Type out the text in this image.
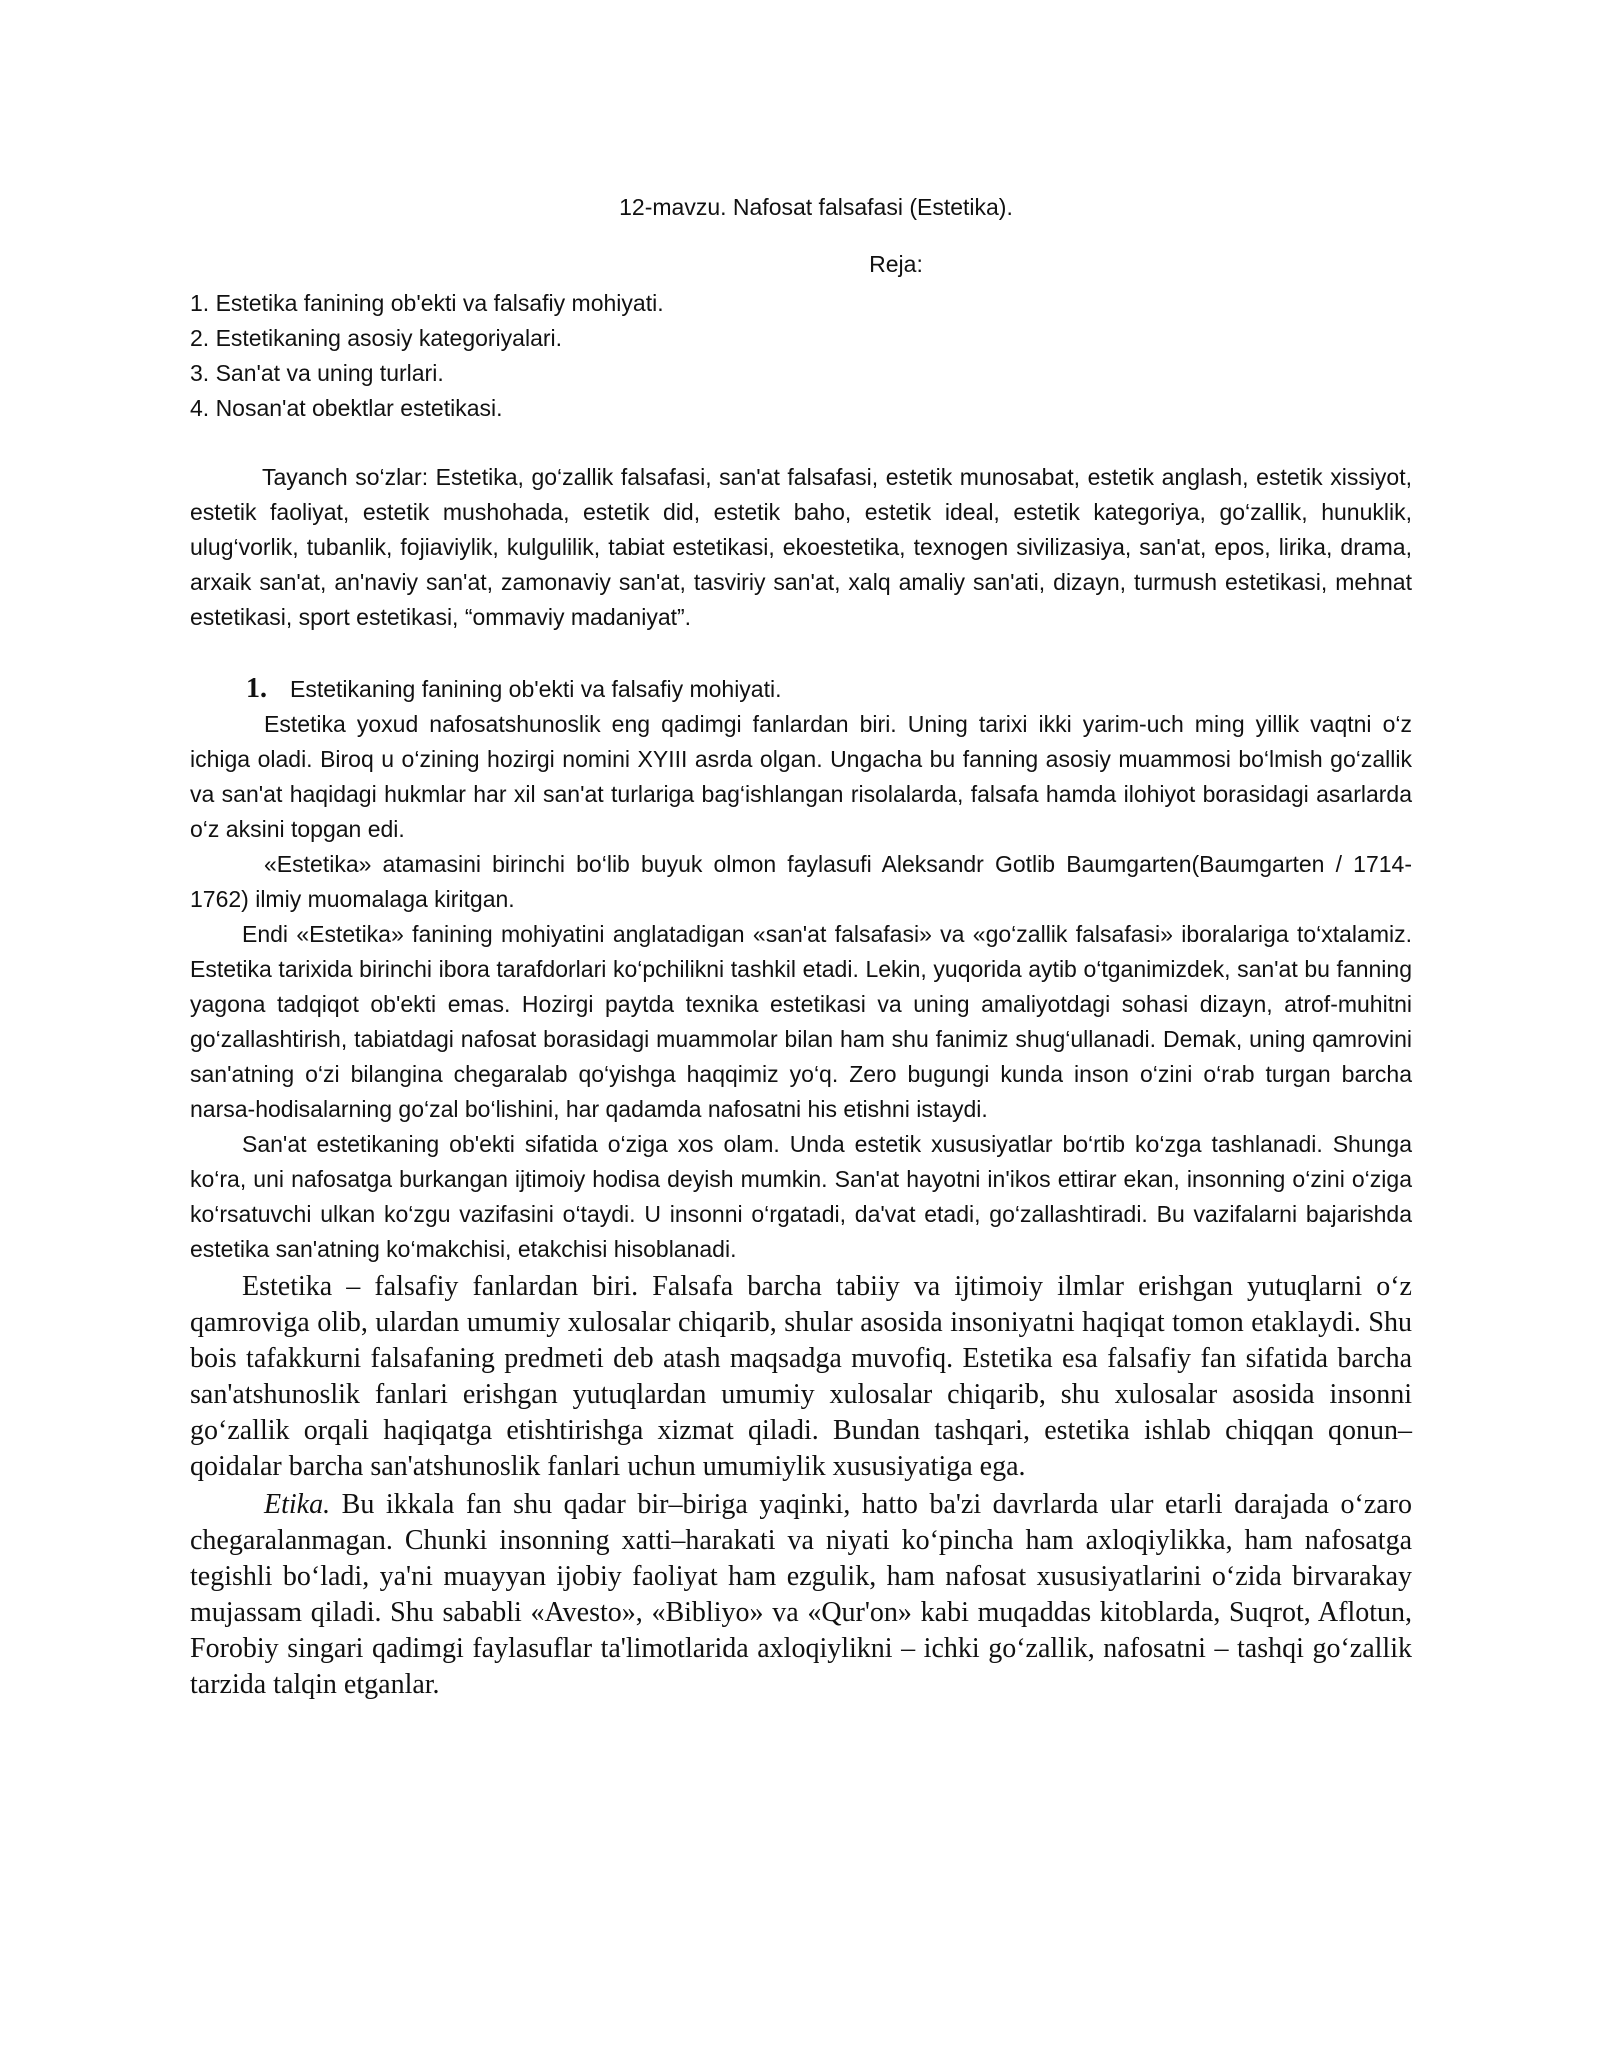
12-mavzu. Nafosat falsafasi (Estetika).
Reja:

1. Estetika fanining ob'ekti va falsafiy mohiyati.

2. Estetikaning asosiy kategoriyalari.

3. San'at va uning turlari.

4. Nosan'at obektlar estetikasi.

Tayanch so‘zlar: Estetika, go‘zallik falsafasi, san'at falsafasi, estetik munosabat, estetik anglash, estetik xissiyot, estetik faoliyat, estetik mushohada, estetik did, estetik baho, estetik ideal, estetik kategoriya, go‘zallik, hunuklik, ulug‘vorlik, tubanlik, fojiaviylik, kulgulilik, tabiat estetikasi, ekoestetika, texnogen sivilizasiya, san'at, epos, lirika, drama, arxaik san'at, an'naviy san'at, zamonaviy san'at, tasviriy san'at, xalq amaliy san'ati, dizayn, turmush estetikasi, mehnat estetikasi, sport estetikasi, “ommaviy madaniyat”.

1. Estetikaning fanining ob'ekti va falsafiy mohiyati.

Estetika yoxud nafosatshunoslik eng qadimgi fanlardan biri. Uning tarixi ikki yarim-uch ming yillik vaqtni o‘z ichiga oladi. Biroq u o‘zining hozirgi nomini XYIII asrda olgan. Ungacha bu fanning asosiy muammosi bo‘lmish go‘zallik va san'at haqidagi hukmlar har xil san'at turlariga bag‘ishlangan risolalarda, falsafa hamda ilohiyot borasidagi asarlarda o‘z aksini topgan edi.

«Estetika» atamasini birinchi bo‘lib buyuk olmon faylasufi Aleksandr Gotlib Baumgarten(Baumgarten / 1714-1762) ilmiy muomalaga kiritgan.

Endi «Estetika» fanining mohiyatini anglatadigan «san'at falsafasi» va «go‘zallik falsafasi» iboralariga to‘xtalamiz. Estetika tarixida birinchi ibora tarafdorlari ko‘pchilikni tashkil etadi. Lekin, yuqorida aytib o‘tganimizdek, san'at bu fanning yagona tadqiqot ob'ekti emas. Hozirgi paytda texnika estetikasi va uning amaliyotdagi sohasi dizayn, atrof-muhitni go‘zallashtirish, tabiatdagi nafosat borasidagi muammolar bilan ham shu fanimiz shug‘ullanadi. Demak, uning qamrovini san'atning o‘zi bilangina chegaralab qo‘yishga haqqimiz yo‘q. Zero bugungi kunda inson o‘zini o‘rab turgan barcha narsa-hodisalarning go‘zal bo‘lishini, har qadamda nafosatni his etishni istaydi.

San'at estetikaning ob'ekti sifatida o‘ziga xos olam. Unda estetik xususiyatlar bo‘rtib ko‘zga tashlanadi. Shunga ko‘ra, uni nafosatga burkangan ijtimoiy hodisa deyish mumkin. San'at hayotni in'ikos ettirar ekan, insonning o‘zini o‘ziga ko‘rsatuvchi ulkan ko‘zgu vazifasini o‘taydi. U insonni o‘rgatadi, da'vat etadi, go‘zallashtiradi. Bu vazifalarni bajarishda estetika san'atning ko‘makchisi, etakchisi hisoblanadi.

Estetika – falsafiy fanlardan biri. Falsafa barcha tabiiy va ijtimoiy ilmlar erishgan yutuqlarni o‘z qamroviga olib, ulardan umumiy xulosalar chiqarib, shular asosida insoniyatni haqiqat tomon etaklaydi. Shu bois tafakkurni falsafaning predmeti deb atash maqsadga muvofiq. Estetika esa falsafiy fan sifatida barcha san'atshunoslik fanlari erishgan yutuqlardan umumiy xulosalar chiqarib, shu xulosalar asosida insonni go‘zallik orqali haqiqatga etishtirishga xizmat qiladi. Bundan tashqari, estetika ishlab chiqqan qonun–qoidalar barcha san'atshunoslik fanlari uchun umumiylik xususiyatiga ega.

Etika. Bu ikkala fan shu qadar bir–biriga yaqinki, hatto ba'zi davrlarda ular etarli darajada o‘zaro chegaralanmagan. Chunki insonning xatti–harakati va niyati ko‘pincha ham axloqiylikka, ham nafosatga tegishli bo‘ladi, ya'ni muayyan ijobiy faoliyat ham ezgulik, ham nafosat xususiyatlarini o‘zida birvarakay mujassam qiladi. Shu sababli «Avesto», «Bibliyo» va «Qur'on» kabi muqaddas kitoblarda, Suqrot, Aflotun, Forobiy singari qadimgi faylasuflar ta'limotlarida axloqiylikni – ichki go‘zallik, nafosatni – tashqi go‘zallik tarzida talqin etganlar.
